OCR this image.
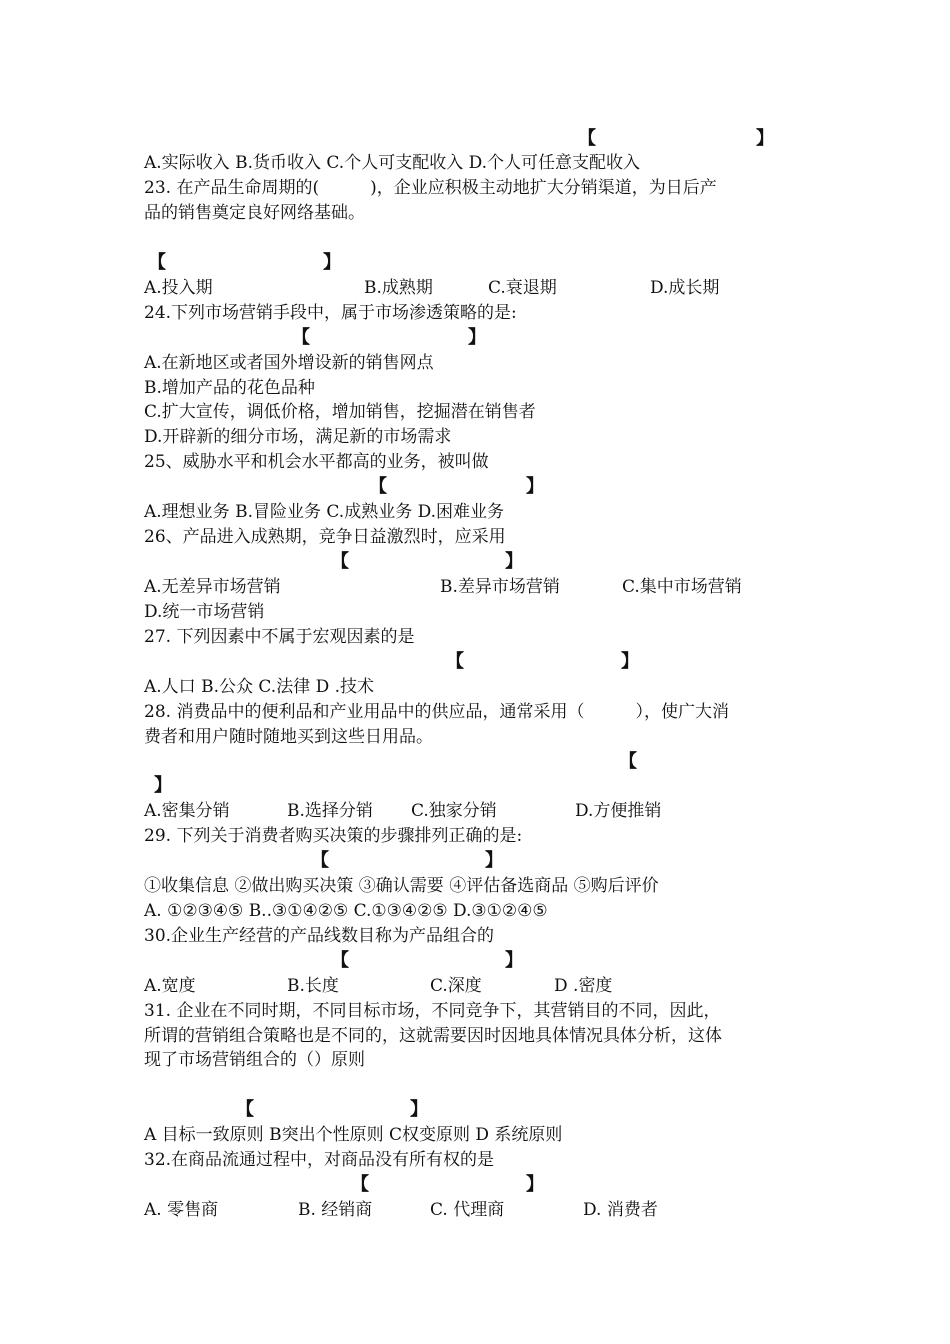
【	】
A.实际收入 B.货币收入 C.个人可支配收入 D.个人可任意支配收入
23. 在产品生命周期的(　　　)，企业应积极主动地扩大分销渠道，为日后产
品的销售奠定良好网络基础。
【	】
A.投入期	B.成熟期	C.衰退期	D.成长期
24.下列市场营销手段中，属于市场渗透策略的是:
【	】
A.在新地区或者国外增设新的销售网点
B.增加产品的花色品种
C.扩大宣传，调低价格，增加销售，挖掘潜在销售者
D.开辟新的细分市场，满足新的市场需求
25、威胁水平和机会水平都高的业务，被叫做
【	】
A.理想业务 B.冒险业务 C.成熟业务 D.困难业务
26、产品进入成熟期，竞争日益激烈时，应采用
【	】
A.无差异市场营销	B.差异市场营销	C.集中市场营销
D.统一市场营销
27. 下列因素中不属于宏观因素的是
【	】
A.人口 B.公众 C.法律 D .技术
28. 消费品中的便利品和产业用品中的供应品，通常采用（　　　），使广大消
费者和用户随时随地买到这些日用品。
【
】
A.密集分销	B.选择分销 C.独家分销	D.方便推销
29. 下列关于消费者购买决策的步骤排列正确的是:
【	】
①收集信息 ②做出购买决策 ③确认需要 ④评估备选商品 ⑤购后评价
A. ①②③④⑤ B..③①④②⑤ C.①③④②⑤ D.③①②④⑤
30.企业生产经营的产品线数目称为产品组合的
【	】
A.宽度	B.长度	C.深度	D .密度
31. 企业在不同时期，不同目标市场，不同竞争下，其营销目的不同，因此，
所谓的营销组合策略也是不同的，这就需要因时因地具体情况具体分析，这体
现了市场营销组合的（）原则
【	】
A 目标一致原则 B突出个性原则 C权变原则 D 系统原则
32.在商品流通过程中，对商品没有所有权的是
【	】
A. 零售商	B. 经销商	C. 代理商	D. 消费者
